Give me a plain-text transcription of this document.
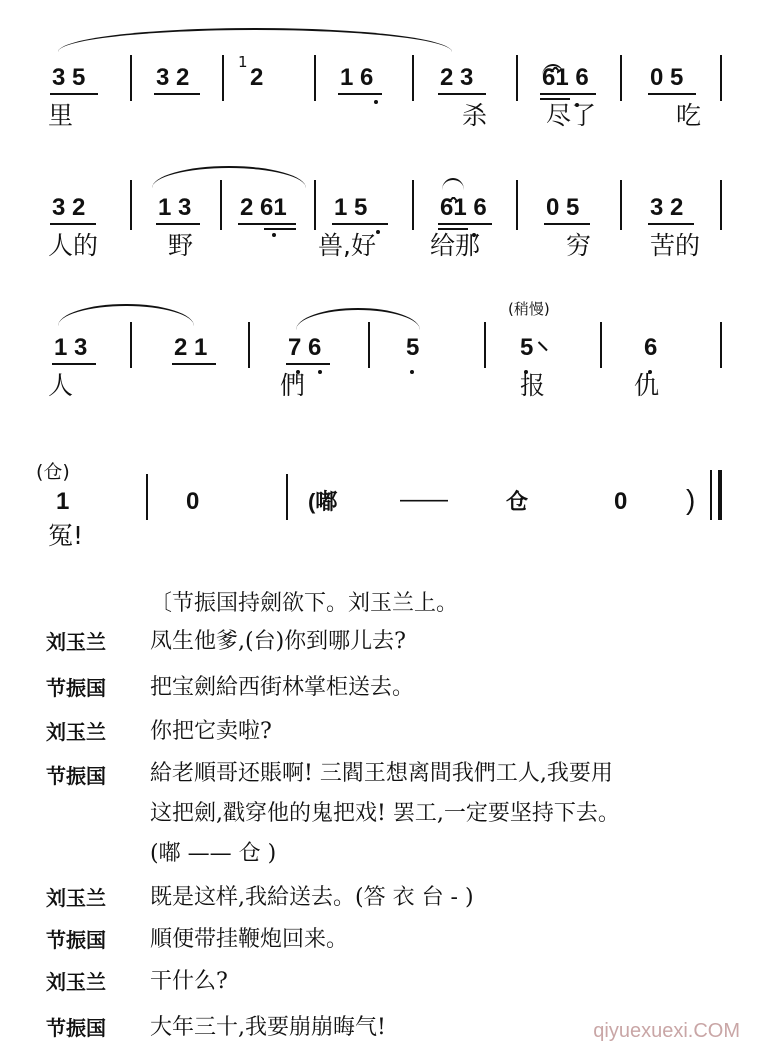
3 5	3 2
1
2	1 6	2 3	6̂1 6	0 5
里	杀 尽了	吃
3 2	1 3 2 61 1 5	6̂1 6 0 5	3 2
人的	野	兽,好 给那	穷 苦的
(稍慢)
1 3	2 1	7 6	5	5	6
人	們	报	仇
(仓)
1	0	(嘟	——	仓	0 )
冤!
〔节振国持劍欲下。刘玉兰上。
刘玉兰 凤生他爹,(台)你到哪儿去?
节振国 把宝劍給西街林掌柜送去。
刘玉兰 你把它卖啦?
节振国 給老順哥还賬啊! 三閻王想离間我們工人,我要用
这把劍,戳穿他的鬼把戏! 罢工,一定要坚持下去。
(嘟 —— 仓 )
刘玉兰 既是这样,我給送去。(答 衣 台 - )
节振国 順便带挂鞭炮回来。
刘玉兰 干什么?
节振国 大年三十,我要崩崩晦气!	qiyuexuexi.COM
